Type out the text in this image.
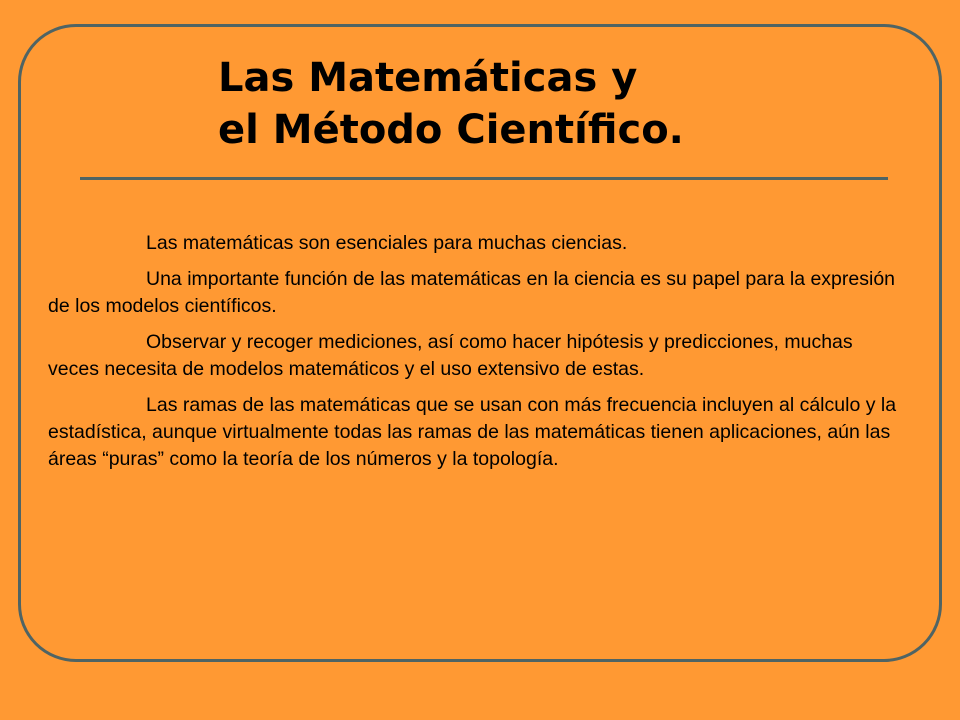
Las Matemáticas y
el Método Científico.

Las matemáticas son esenciales para muchas ciencias.

Una importante función de las matemáticas en la ciencia es su papel para la expresión de los modelos científicos.

Observar y recoger mediciones, así como hacer hipótesis y predicciones, muchas veces necesita de modelos matemáticos y el uso extensivo de estas.

Las ramas de las matemáticas que se usan con más frecuencia incluyen al cálculo y la estadística, aunque virtualmente todas las ramas de las matemáticas tienen aplicaciones, aún las áreas “puras” como la teoría de los números y la topología.
